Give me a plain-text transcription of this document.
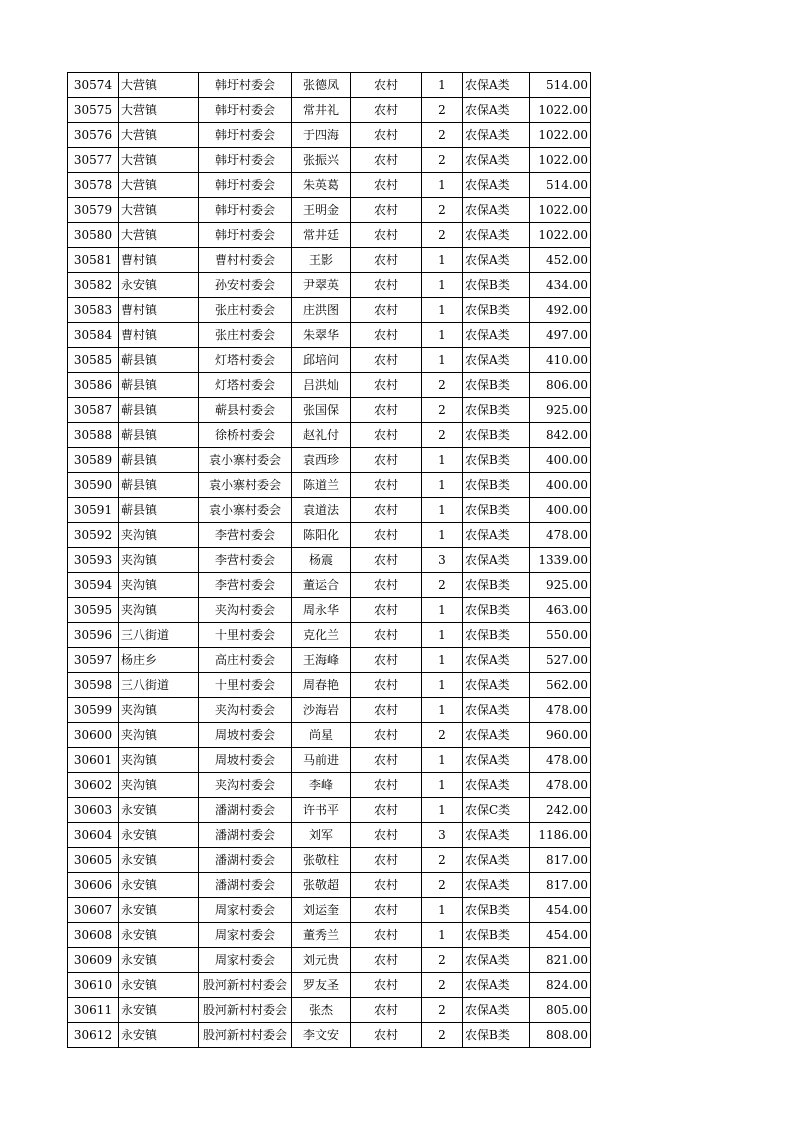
30574	大营镇	韩圩村委会	张德凤	农村	1	农保A类	514.00
30575	大营镇	韩圩村委会	常井礼	农村	2	农保A类	1022.00
30576	大营镇	韩圩村委会	于四海	农村	2	农保A类	1022.00
30577	大营镇	韩圩村委会	张振兴	农村	2	农保A类	1022.00
30578	大营镇	韩圩村委会	朱英葛	农村	1	农保A类	514.00
30579	大营镇	韩圩村委会	王明金	农村	2	农保A类	1022.00
30580	大营镇	韩圩村委会	常井廷	农村	2	农保A类	1022.00
30581	曹村镇	曹村村委会	王影	农村	1	农保A类	452.00
30582	永安镇	孙安村委会	尹翠英	农村	1	农保B类	434.00
30583	曹村镇	张庄村委会	庄洪图	农村	1	农保B类	492.00
30584	曹村镇	张庄村委会	朱翠华	农村	1	农保A类	497.00
30585	蕲县镇	灯塔村委会	邱培问	农村	1	农保A类	410.00
30586	蕲县镇	灯塔村委会	吕洪灿	农村	2	农保B类	806.00
30587	蕲县镇	蕲县村委会	张国保	农村	2	农保B类	925.00
30588	蕲县镇	徐桥村委会	赵礼付	农村	2	农保B类	842.00
30589	蕲县镇	袁小寨村委会	袁西珍	农村	1	农保B类	400.00
30590	蕲县镇	袁小寨村委会	陈道兰	农村	1	农保B类	400.00
30591	蕲县镇	袁小寨村委会	袁道法	农村	1	农保B类	400.00
30592	夹沟镇	李营村委会	陈阳化	农村	1	农保A类	478.00
30593	夹沟镇	李营村委会	杨震	农村	3	农保A类	1339.00
30594	夹沟镇	李营村委会	董运合	农村	2	农保B类	925.00
30595	夹沟镇	夹沟村委会	周永华	农村	1	农保B类	463.00
30596	三八街道	十里村委会	克化兰	农村	1	农保B类	550.00
30597	杨庄乡	高庄村委会	王海峰	农村	1	农保A类	527.00
30598	三八街道	十里村委会	周春艳	农村	1	农保A类	562.00
30599	夹沟镇	夹沟村委会	沙海岩	农村	1	农保A类	478.00
30600	夹沟镇	周坡村委会	尚星	农村	2	农保A类	960.00
30601	夹沟镇	周坡村委会	马前进	农村	1	农保A类	478.00
30602	夹沟镇	夹沟村委会	李峰	农村	1	农保A类	478.00
30603	永安镇	潘湖村委会	许书平	农村	1	农保C类	242.00
30604	永安镇	潘湖村委会	刘军	农村	3	农保A类	1186.00
30605	永安镇	潘湖村委会	张敬柱	农村	2	农保A类	817.00
30606	永安镇	潘湖村委会	张敬超	农村	2	农保A类	817.00
30607	永安镇	周家村委会	刘运奎	农村	1	农保B类	454.00
30608	永安镇	周家村委会	董秀兰	农村	1	农保B类	454.00
30609	永安镇	周家村委会	刘元贵	农村	2	农保A类	821.00
30610	永安镇	股河新村村委会	罗友圣	农村	2	农保A类	824.00
30611	永安镇	股河新村村委会	张杰	农村	2	农保A类	805.00
30612	永安镇	股河新村村委会	李文安	农村	2	农保B类	808.00
